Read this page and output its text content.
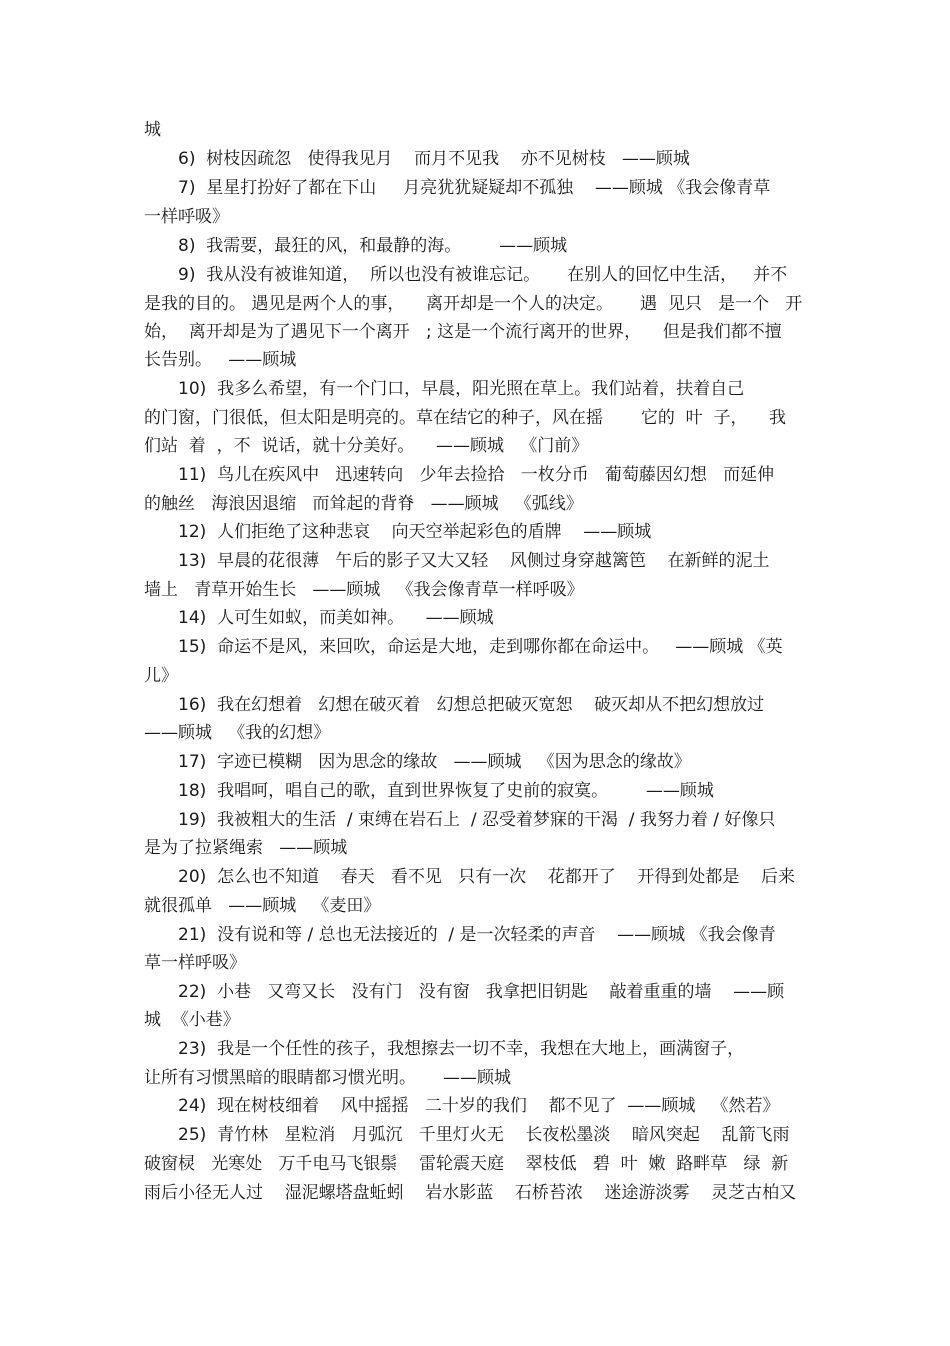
城
6)  树枝因疏忽   使得我见月    而月不见我    亦不见树枝   ——顾城
7)  星星打扮好了都在下山     月亮犹犹疑疑却不孤独    ——顾城 《我会像青草
一样呼吸》
8)  我需要，最狂的风，和最静的海。       ——顾城
9)  我从没有被谁知道，  所以也没有被谁忘记。     在别人的回忆中生活，   并不
是我的目的。 遇见是两个人的事，    离开却是一个人的决定。     遇  见只   是一个   开
始，  离开却是为了遇见下一个离开   ; 这是一个流行离开的世界，    但是我们都不擅
长告别。   ——顾城
10)  我多么希望，有一个门口，早晨，阳光照在草上。我们站着，扶着自己
的门窗，门很低，但太阳是明亮的。草在结它的种子，风在摇       它的  叶  子，    我
们站  着  ，不  说话，就十分美好。    ——顾城   《门前》
11)  鸟儿在疾风中   迅速转向   少年去捡拾   一枚分币   葡萄藤因幻想   而延伸
的触丝   海浪因退缩   而耸起的背脊   ——顾城   《弧线》
12)  人们拒绝了这种悲哀    向天空举起彩色的盾牌    ——顾城
13)  早晨的花很薄   午后的影子又大又轻    风侧过身穿越篱笆    在新鲜的泥土
墙上   青草开始生长   ——顾城   《我会像青草一样呼吸》
14)  人可生如蚁，而美如神。    ——顾城
15)  命运不是风，来回吹，命运是大地，走到哪你都在命运中。   ——顾城 《英
儿》
16)  我在幻想着   幻想在破灭着   幻想总把破灭宽恕    破灭却从不把幻想放过
——顾城   《我的幻想》
17)  字迹已模糊   因为思念的缘故   ——顾城   《因为思念的缘故》
18)  我唱呵，唱自己的歌，直到世界恢复了史前的寂寞。       ——顾城
19)  我被粗大的生活  / 束缚在岩石上  / 忍受着梦寐的干渴  / 我努力着 / 好像只
是为了拉紧绳索   ——顾城
20)  怎么也不知道    春天   看不见   只有一次    花都开了    开得到处都是    后来
就很孤单   ——顾城   《麦田》
21)  没有说和等 / 总也无法接近的  / 是一次轻柔的声音    ——顾城 《我会像青
草一样呼吸》
22)  小巷   又弯又长   没有门   没有窗   我拿把旧钥匙    敲着重重的墙    ——顾
城  《小巷》
23)  我是一个任性的孩子，我想擦去一切不幸，我想在大地上，画满窗子，
让所有习惯黑暗的眼睛都习惯光明。     ——顾城
24)  现在树枝细着    风中摇摇   二十岁的我们    都不见了  ——顾城   《然若》
25)  青竹林   星粒消   月弧沉   千里灯火无    长夜松墨淡    暗风突起    乱箭飞雨
破窗棂   光寒处   万千电马飞银鬃    雷轮震天庭    翠枝低   碧  叶  嫩  路畔草   绿  新
雨后小径无人过    湿泥螺塔盘蚯蚓    岩水影蓝    石桥苔浓    迷途游淡雾    灵芝古柏又
